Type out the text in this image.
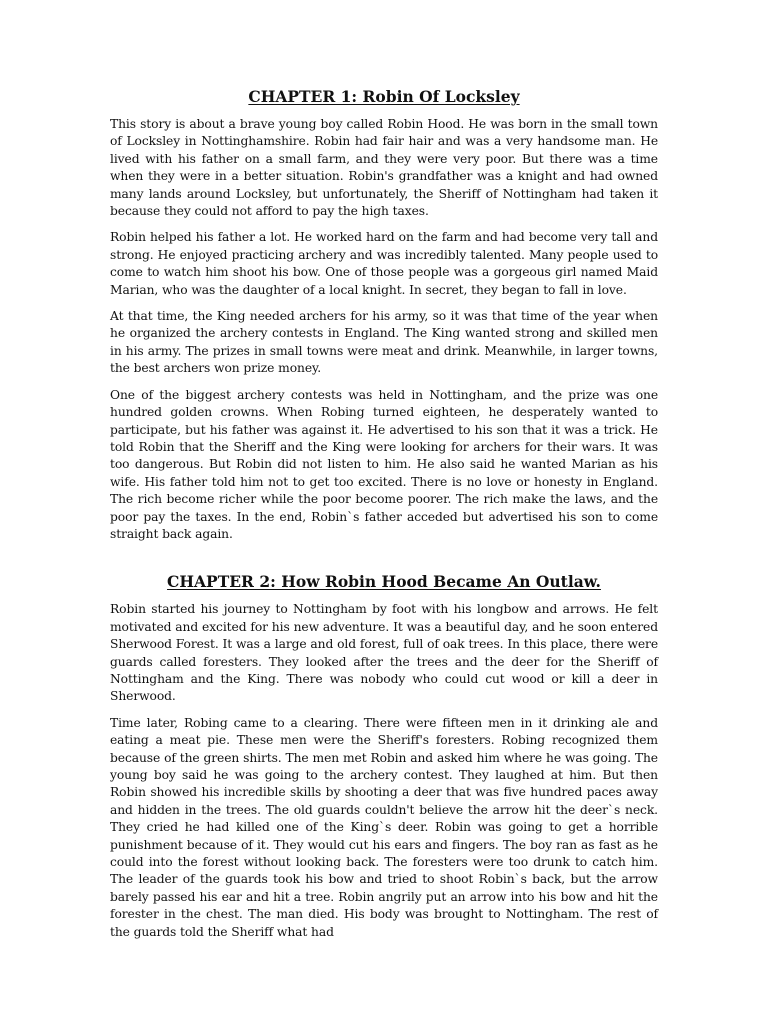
CHAPTER 1: Robin Of Locksley

This story is about a brave young boy called Robin Hood. He was born in the small town of Locksley in Nottinghamshire. Robin had fair hair and was a very handsome man. He lived with his father on a small farm, and they were very poor. But there was a time when they were in a better situation. Robin's grandfather was a knight and had owned many lands around Locksley, but unfortunately, the Sheriff of Nottingham had taken it because they could not afford to pay the high taxes.

Robin helped his father a lot. He worked hard on the farm and had become very tall and strong. He enjoyed practicing archery and was incredibly talented. Many people used to come to watch him shoot his bow. One of those people was a gorgeous girl named Maid Marian, who was the daughter of a local knight. In secret, they began to fall in love.

At that time, the King needed archers for his army, so it was that time of the year when he organized the archery contests in England. The King wanted strong and skilled men in his army. The prizes in small towns were meat and drink. Meanwhile, in larger towns, the best archers won prize money.

One of the biggest archery contests was held in Nottingham, and the prize was one hundred golden crowns. When Robing turned eighteen, he desperately wanted to participate, but his father was against it. He advertised to his son that it was a trick. He told Robin that the Sheriff and the King were looking for archers for their wars. It was too dangerous. But Robin did not listen to him. He also said he wanted Marian as his wife. His father told him not to get too excited. There is no love or honesty in England. The rich become richer while the poor become poorer. The rich make the laws, and the poor pay the taxes. In the end, Robin`s father acceded but advertised his son to come straight back again.

CHAPTER 2: How Robin Hood Became An Outlaw.

Robin started his journey to Nottingham by foot with his longbow and arrows. He felt motivated and excited for his new adventure. It was a beautiful day, and he soon entered Sherwood Forest. It was a large and old forest, full of oak trees. In this place, there were guards called foresters. They looked after the trees and the deer for the Sheriff of Nottingham and the King. There was nobody who could cut wood or kill a deer in Sherwood.

Time later, Robing came to a clearing. There were fifteen men in it drinking ale and eating a meat pie. These men were the Sheriff's foresters. Robing recognized them because of the green shirts. The men met Robin and asked him where he was going. The young boy said he was going to the archery contest. They laughed at him. But then Robin showed his incredible skills by shooting a deer that was five hundred paces away and hidden in the trees. The old guards couldn't believe the arrow hit the deer`s neck. They cried he had killed one of the King`s deer. Robin was going to get a horrible punishment because of it. They would cut his ears and fingers. The boy ran as fast as he could into the forest without looking back. The foresters were too drunk to catch him. The leader of the guards took his bow and tried to shoot Robin`s back, but the arrow barely passed his ear and hit a tree. Robin angrily put an arrow into his bow and hit the forester in the chest. The man died. His body was brought to Nottingham. The rest of the guards told the Sheriff what had
